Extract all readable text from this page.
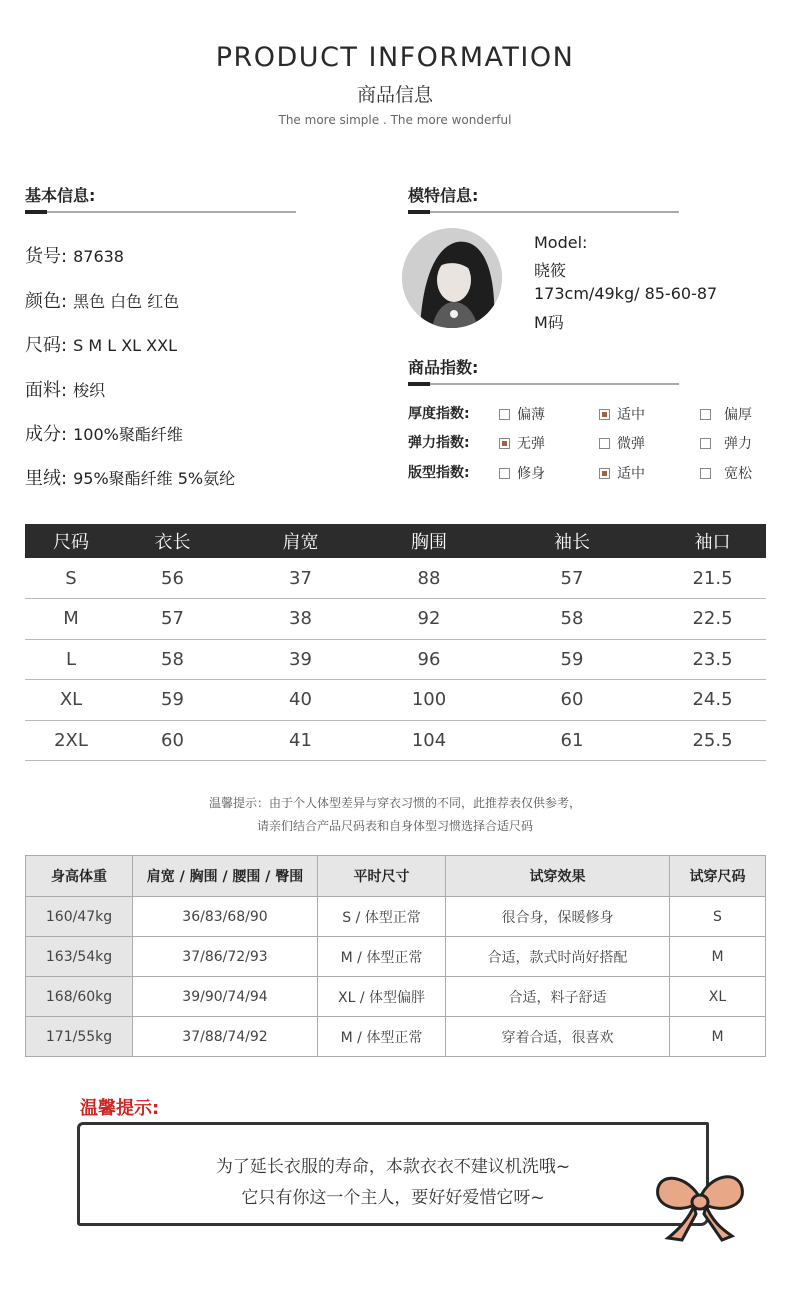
PRODUCT INFORMATION
商品信息
The more simple . The more wonderful
基本信息:
货号: 87638
颜色: 黑色 白色 红色
尺码: S M L XL XXL
面料: 梭织
成分: 100%聚酯纤维
里绒: 95%聚酯纤维 5%氨纶
模特信息:
Model:
晓筱
173cm/49kg/ 85-60-87
M码
商品指数:
厚度指数:	偏薄	适中	偏厚
弹力指数:	无弹	微弹	弹力
版型指数:	修身	适中	宽松
尺码	衣长	肩宽	胸围	袖长	袖口
S	56	37	88	57	21.5
M	57	38	92	58	22.5
L	58	39	96	59	23.5
XL	59	40	100	60	24.5
2XL	60	41	104	61	25.5
温馨提示：由于个人体型差异与穿衣习惯的不同，此推荐表仅供参考，
请亲们结合产品尺码表和自身体型习惯选择合适尺码
身高体重	肩宽 / 胸围 / 腰围 / 臀围	平时尺寸	试穿效果	试穿尺码
160/47kg	36/83/68/90	S / 体型正常	很合身，保暖修身	S
163/54kg	37/86/72/93	M / 体型正常	合适，款式时尚好搭配	M
168/60kg	39/90/74/94	XL / 体型偏胖	合适，料子舒适	XL
171/55kg	37/88/74/92	M / 体型正常	穿着合适，很喜欢	M
温馨提示:
为了延长衣服的寿命，本款衣衣不建议机洗哦~
它只有你这一个主人，要好好爱惜它呀~
